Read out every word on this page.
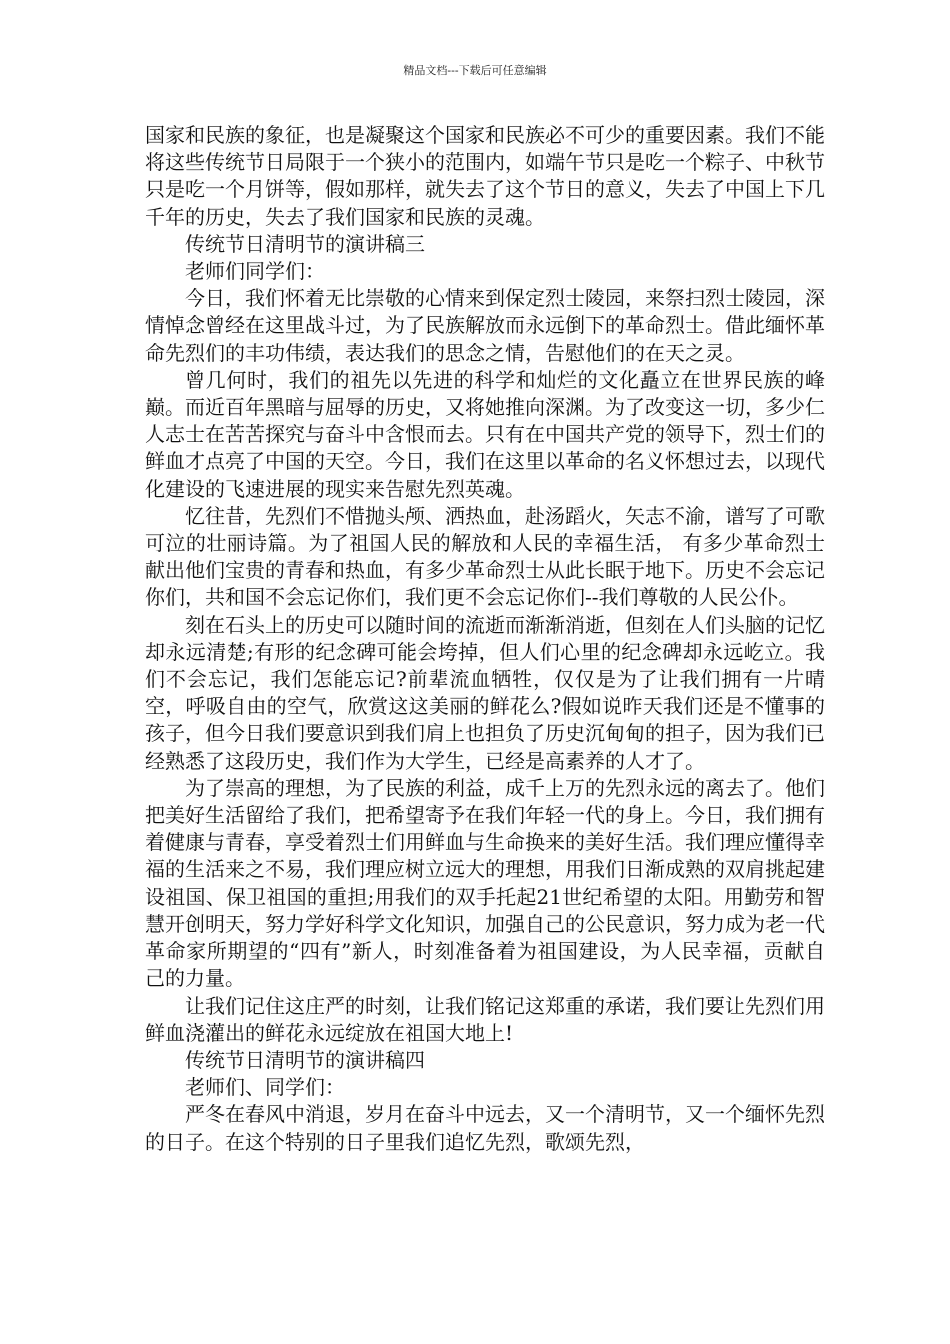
精品文档---下载后可任意编辑

国家和民族的象征，也是凝聚这个国家和民族必不可少的重要因素。我们不能将这些传统节日局限于一个狭小的范围内，如端午节只是吃一个粽子、中秋节只是吃一个月饼等，假如那样，就失去了这个节日的意义，失去了中国上下几千年的历史，失去了我们国家和民族的灵魂。

传统节日清明节的演讲稿三

老师们同学们：

今日，我们怀着无比崇敬的心情来到保定烈士陵园，来祭扫烈士陵园，深情悼念曾经在这里战斗过，为了民族解放而永远倒下的革命烈士。借此缅怀革命先烈们的丰功伟绩，表达我们的思念之情，告慰他们的在天之灵。

曾几何时，我们的祖先以先进的科学和灿烂的文化矗立在世界民族的峰巅。而近百年黑暗与屈辱的历史，又将她推向深渊。为了改变这一切，多少仁人志士在苦苦探究与奋斗中含恨而去。只有在中国共产党的领导下，烈士们的鲜血才点亮了中国的天空。今日，我们在这里以革命的名义怀想过去，以现代化建设的飞速进展的现实来告慰先烈英魂。

忆往昔，先烈们不惜抛头颅、洒热血，赴汤蹈火，矢志不渝，谱写了可歌可泣的壮丽诗篇。为了祖国人民的解放和人民的幸福生活， 有多少革命烈士献出他们宝贵的青春和热血，有多少革命烈士从此长眠于地下。历史不会忘记你们，共和国不会忘记你们，我们更不会忘记你们--我们尊敬的人民公仆。

刻在石头上的历史可以随时间的流逝而渐渐消逝，但刻在人们头脑的记忆却永远清楚;有形的纪念碑可能会垮掉，但人们心里的纪念碑却永远屹立。我们不会忘记，我们怎能忘记?前辈流血牺牲，仅仅是为了让我们拥有一片晴空，呼吸自由的空气，欣赏这这美丽的鲜花么?假如说昨天我们还是不懂事的孩子，但今日我们要意识到我们肩上也担负了历史沉甸甸的担子，因为我们已经熟悉了这段历史，我们作为大学生，已经是高素养的人才了。

为了崇高的理想，为了民族的利益，成千上万的先烈永远的离去了。他们把美好生活留给了我们，把希望寄予在我们年轻一代的身上。今日，我们拥有着健康与青春，享受着烈士们用鲜血与生命换来的美好生活。我们理应懂得幸福的生活来之不易，我们理应树立远大的理想，用我们日渐成熟的双肩挑起建设祖国、保卫祖国的重担;用我们的双手托起21世纪希望的太阳。用勤劳和智慧开创明天，努力学好科学文化知识，加强自己的公民意识，努力成为老一代革命家所期望的“四有”新人，时刻准备着为祖国建设，为人民幸福，贡献自己的力量。

让我们记住这庄严的时刻，让我们铭记这郑重的承诺，我们要让先烈们用鲜血浇灌出的鲜花永远绽放在祖国大地上!

传统节日清明节的演讲稿四

老师们、同学们：

严冬在春风中消退，岁月在奋斗中远去，又一个清明节，又一个缅怀先烈的日子。在这个特别的日子里我们追忆先烈，歌颂先烈，
